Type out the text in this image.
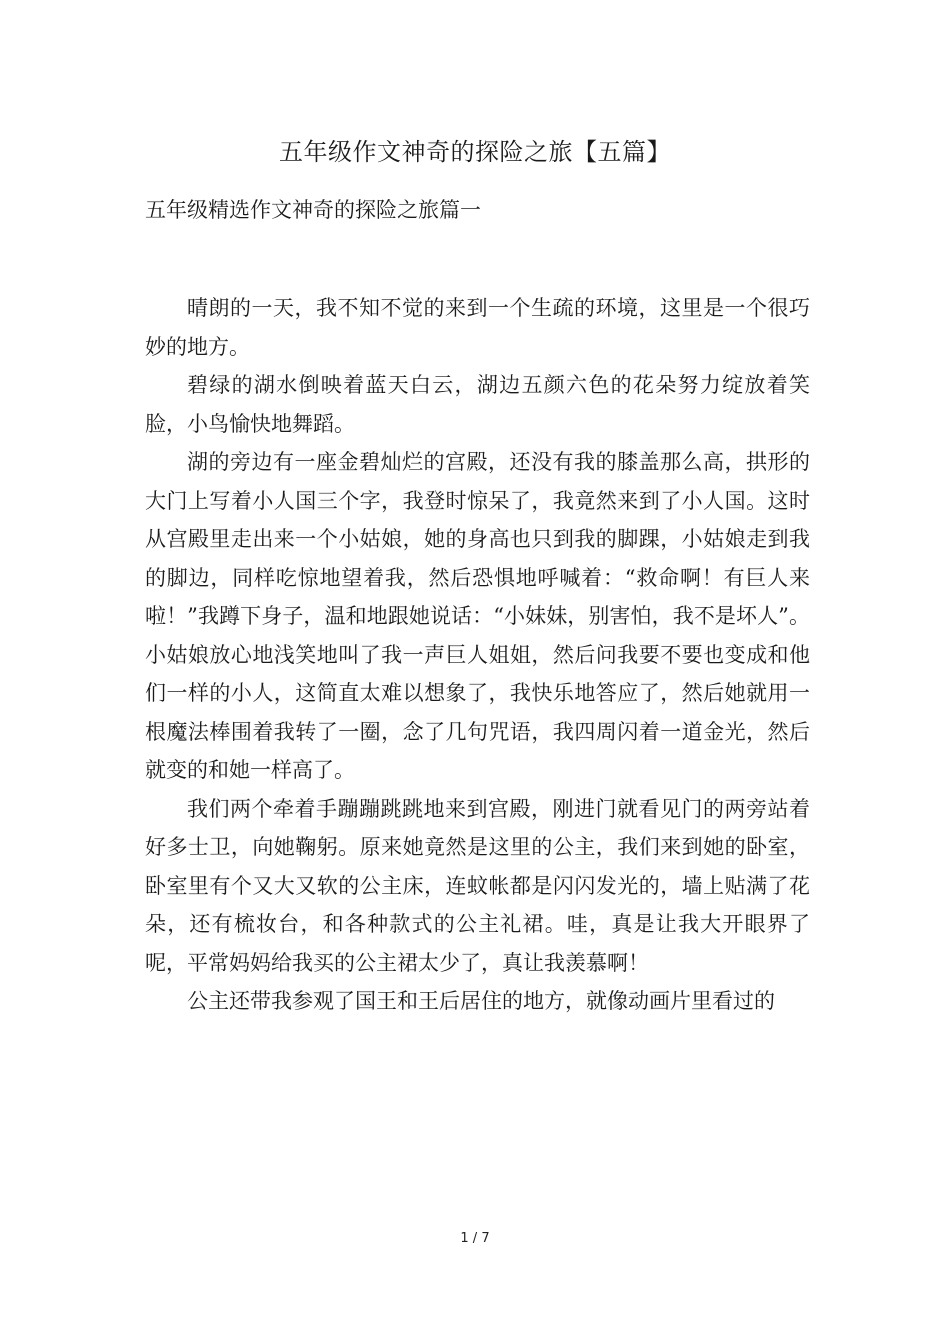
五年级作文神奇的探险之旅【五篇】
五年级精选作文神奇的探险之旅篇一

晴朗的一天，我不知不觉的来到一个生疏的环境，这里是一个很巧妙的地方。

碧绿的湖水倒映着蓝天白云，湖边五颜六色的花朵努力绽放着笑脸，小鸟愉快地舞蹈。

湖的旁边有一座金碧灿烂的宫殿，还没有我的膝盖那么高，拱形的大门上写着小人国三个字，我登时惊呆了，我竟然来到了小人国。这时从宫殿里走出来一个小姑娘，她的身高也只到我的脚踝，小姑娘走到我的脚边，同样吃惊地望着我，然后恐惧地呼喊着：“救命啊！有巨人来啦！”我蹲下身子，温和地跟她说话：“小妹妹，别害怕，我不是坏人”。小姑娘放心地浅笑地叫了我一声巨人姐姐，然后问我要不要也变成和他们一样的小人，这简直太难以想象了，我快乐地答应了，然后她就用一根魔法棒围着我转了一圈，念了几句咒语，我四周闪着一道金光，然后就变的和她一样高了。

我们两个牵着手蹦蹦跳跳地来到宫殿，刚进门就看见门的两旁站着好多士卫，向她鞠躬。原来她竟然是这里的公主，我们来到她的卧室，卧室里有个又大又软的公主床，连蚊帐都是闪闪发光的，墙上贴满了花朵，还有梳妆台，和各种款式的公主礼裙。哇，真是让我大开眼界了呢，平常妈妈给我买的公主裙太少了，真让我羡慕啊！

公主还带我参观了国王和王后居住的地方，就像动画片里看过的

1 / 7
